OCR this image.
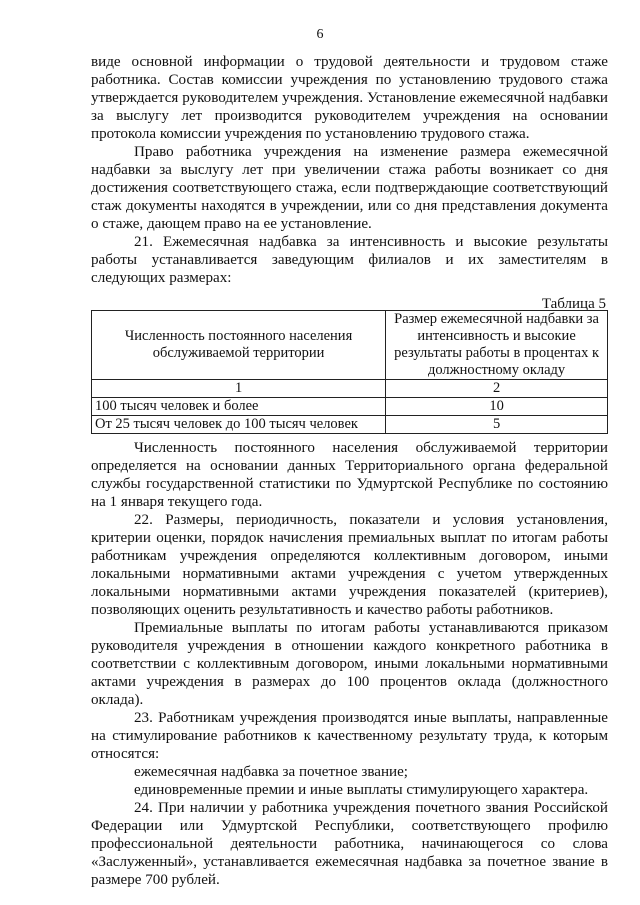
6

виде основной информации о трудовой деятельности и трудовом стаже работника. Состав комиссии учреждения по установлению трудового стажа утверждается руководителем учреждения. Установление ежемесячной надбавки за выслугу лет производится руководителем учреждения на основании протокола комиссии учреждения по установлению трудового стажа.

Право работника учреждения на изменение размера ежемесячной надбавки за выслугу лет при увеличении стажа работы возникает со дня достижения соответствующего стажа, если подтверждающие соответствующий стаж документы находятся в учреждении, или со дня представления документа о стаже, дающем право на ее установление.

21. Ежемесячная надбавка за интенсивность и высокие результаты работы устанавливается заведующим филиалов и их заместителям в следующих размерах:

Таблица 5
Численность постоянного населения обслуживаемой территории	Размер ежемесячной надбавки за интенсивность и высокие результаты работы в процентах к должностному окладу
1	2
100 тысяч человек и более	10
От 25 тысяч человек до 100 тысяч человек	5

Численность постоянного населения обслуживаемой территории определяется на основании данных Территориального органа федеральной службы государственной статистики по Удмуртской Республике по состоянию на 1 января текущего года.

22. Размеры, периодичность, показатели и условия установления, критерии оценки, порядок начисления премиальных выплат по итогам работы работникам учреждения определяются коллективным договором, иными локальными нормативными актами учреждения с учетом утвержденных локальными нормативными актами учреждения показателей (критериев), позволяющих оценить результативность и качество работы работников.

Премиальные выплаты по итогам работы устанавливаются приказом руководителя учреждения в отношении каждого конкретного работника в соответствии с коллективным договором, иными локальными нормативными актами учреждения в размерах до 100 процентов оклада (должностного оклада).

23. Работникам учреждения производятся иные выплаты, направленные на стимулирование работников к качественному результату труда, к которым относятся:

ежемесячная надбавка за почетное звание;

единовременные премии и иные выплаты стимулирующего характера.

24. При наличии у работника учреждения почетного звания Российской Федерации или Удмуртской Республики, соответствующего профилю профессиональной деятельности работника, начинающегося со слова «Заслуженный», устанавливается ежемесячная надбавка за почетное звание в размере 700 рублей.
